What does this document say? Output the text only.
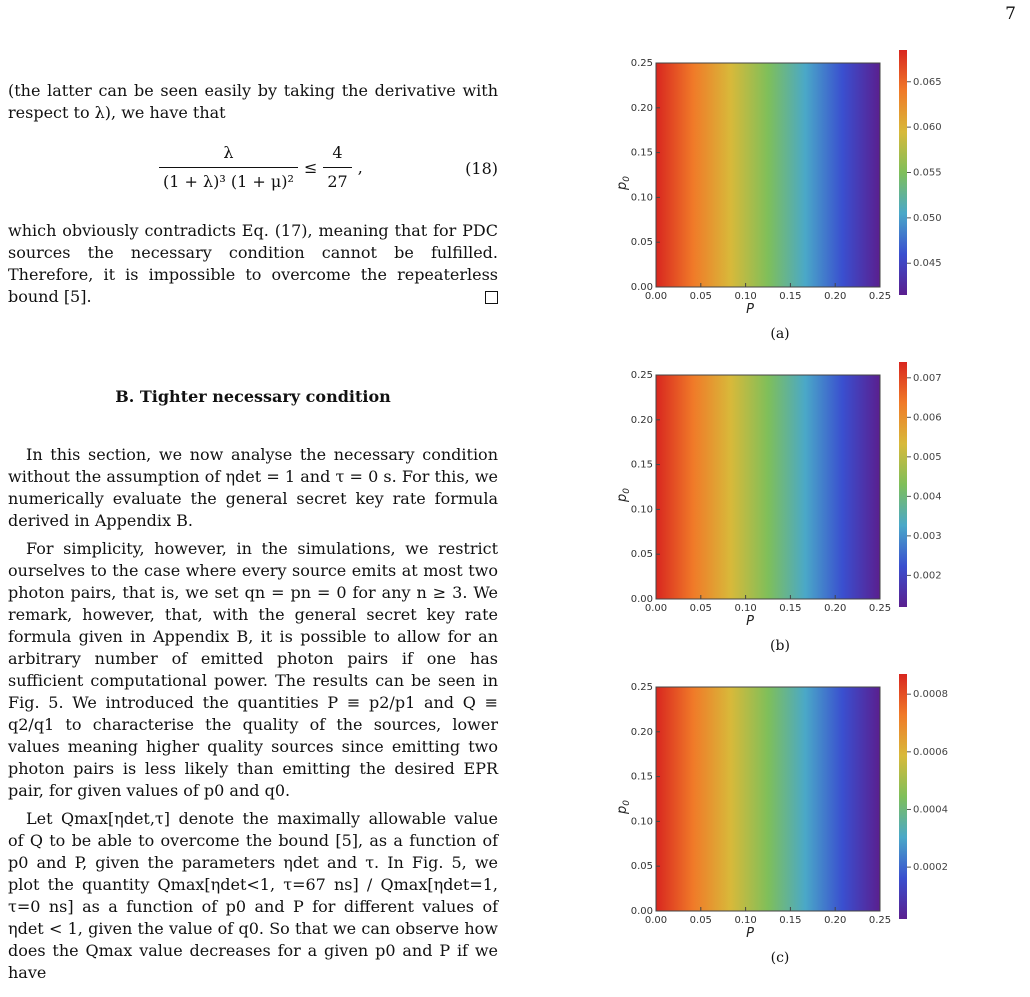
7

(the latter can be seen easily by taking the derivative with respect to λ), we have that

$\frac{\lambda}{\text{(1 + λ)³ (1 + μ)²}} \le \frac{4}{27}$ ,	(18)

which obviously contradicts Eq. (17), meaning that for PDC sources the necessary condition cannot be fulfilled. Therefore, it is impossible to overcome the repeaterless bound [5].

B. Tighter necessary condition

In this section, we now analyse the necessary condition without the assumption of ηdet = 1 and τ = 0 s. For this, we numerically evaluate the general secret key rate formula derived in Appendix B.

For simplicity, however, in the simulations, we restrict ourselves to the case where every source emits at most two photon pairs, that is, we set qn = pn = 0 for any n ≥ 3. We remark, however, that, with the general secret key rate formula given in Appendix B, it is possible to allow for an arbitrary number of emitted photon pairs if one has sufficient computational power. The results can be seen in Fig. 5. We introduced the quantities P ≡ p2/p1 and Q ≡ q2/q1 to characterise the quality of the sources, lower values meaning higher quality sources since emitting two photon pairs is less likely than emitting the desired EPR pair, for given values of p0 and q0.

Let Qmax[ηdet,τ] denote the maximally allowable value of Q to be able to overcome the bound [5], as a function of p0 and P, given the parameters ηdet and τ. In Fig. 5, we plot the quantity Qmax[ηdet<1, τ=67 ns] / Qmax[ηdet=1, τ=0 ns] as a function of p0 and P for different values of ηdet < 1, given the value of q0. So that we can observe how does the Qmax value decreases for a given p0 and P if we have

0.00 0.05 0.10 0.15 0.20 0.25
0.00
0.05
0.10
0.15
0.20
0.25
P
$p_0$
0.045
0.050
0.055
0.060
0.065
(a)
0.00 0.05 0.10 0.15 0.20 0.25
0.00
0.05
0.10
0.15
0.20
0.25
P
$p_0$
0.002
0.003
0.004
0.005
0.006
0.007
(b)
0.00 0.05 0.10 0.15 0.20 0.25
0.00
0.05
0.10
0.15
0.20
0.25
P
$p_0$
0.0002
0.0004
0.0006
0.0008
(c)
